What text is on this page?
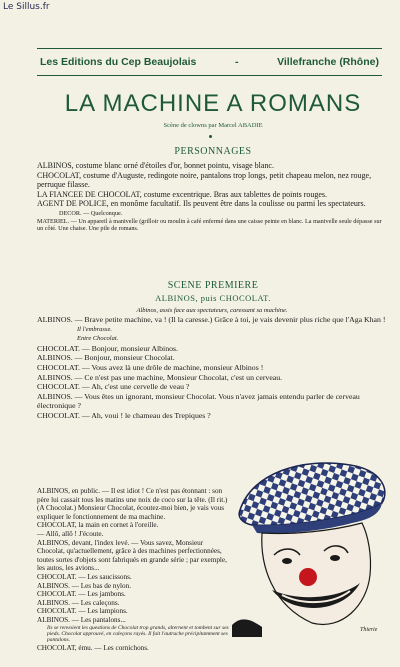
Le Sillus.fr
Les Editions du Cep Beaujolais	-	Villefranche (Rhône)
LA MACHINE A ROMANS
Scène de clowns par Marcel ABADIE
PERSONNAGES

ALBINOS, costume blanc orné d'étoiles d'or, bonnet pointu, visage blanc.

CHOCOLAT, costume d'Auguste, redingote noire, pantalons trop longs, petit chapeau melon, nez rouge, perruque filasse.

LA FIANCEE DE CHOCOLAT, costume excentrique. Bras aux tablettes de points rouges.

AGENT DE POLICE, en monôme facultatif. Ils peuvent être dans la coulisse ou parmi les spectateurs.

DECOR. — Quelconque.

MATERIEL. — Un appareil à manivelle (grilloir ou moulin à café enfermé dans une caisse peinte en blanc. La manivelle seule dépasse sur un côté. Une chaise. Une pile de romans.

SCENE PREMIERE
ALBINOS, puis CHOCOLAT.

Albinos, assis face aux spectateurs, caressant sa machine.

ALBINOS. — Brave petite machine, va ! (Il la caresse.) Grâce à toi, je vais devenir plus riche que l'Aga Khan !

Il l'embrasse.

Entre Chocolat.

CHOCOLAT. — Bonjour, monsieur Albinos.

ALBINOS. — Bonjour, monsieur Chocolat.

CHOCOLAT. — Vous avez là une drôle de machine, monsieur Albinos !

ALBINOS. — Ce n'est pas une machine, Monsieur Chocolat, c'est un cerveau.

CHOCOLAT. — Ah, c'est une cervelle de veau ?

ALBINOS. — Vous êtes un ignorant, monsieur Chocolat. Vous n'avez jamais entendu parler de cerveau électronique ?

CHOCOLAT. — Ah, voui ! le chameau des Trepiques ?

ALBINOS, en public. — Il est idiot ! Ce n'est pas étonnant : son père lui cassait tous les matins une noix de coco sur la tête. (Il rit.) (A Chocolat.) Monsieur Chocolat, écoutez-moi bien, je vais vous expliquer le fonctionnement de ma machine.

CHOCOLAT, la main en cornet à l'oreille.

— Allô, allô ! J'écoute.

ALBINOS, devant, l'index levé. — Vous savez, Monsieur Chocolat, qu'actuellement, grâce à des machines perfectionnées, toutes sortes d'objets sont fabriqués en grande série ; par exemple, les autos, les avions...

CHOCOLAT. — Les saucissons.

ALBINOS. — Les bas de nylon.

CHOCOLAT. — Les jambons.

ALBINOS. — Les caleçons.

CHOCOLAT. — Les lampions.

ALBINOS. — Les pantalons...

Ils se renvoient les questions de Chocolat trop grands, alternent et tombent sur ses pieds. Chocolat approuvé, en caleçons rayés. Il fait l'autruche précipitamment ses pantalons.

CHOCOLAT, ému. — Les cornichons.

Thierie
